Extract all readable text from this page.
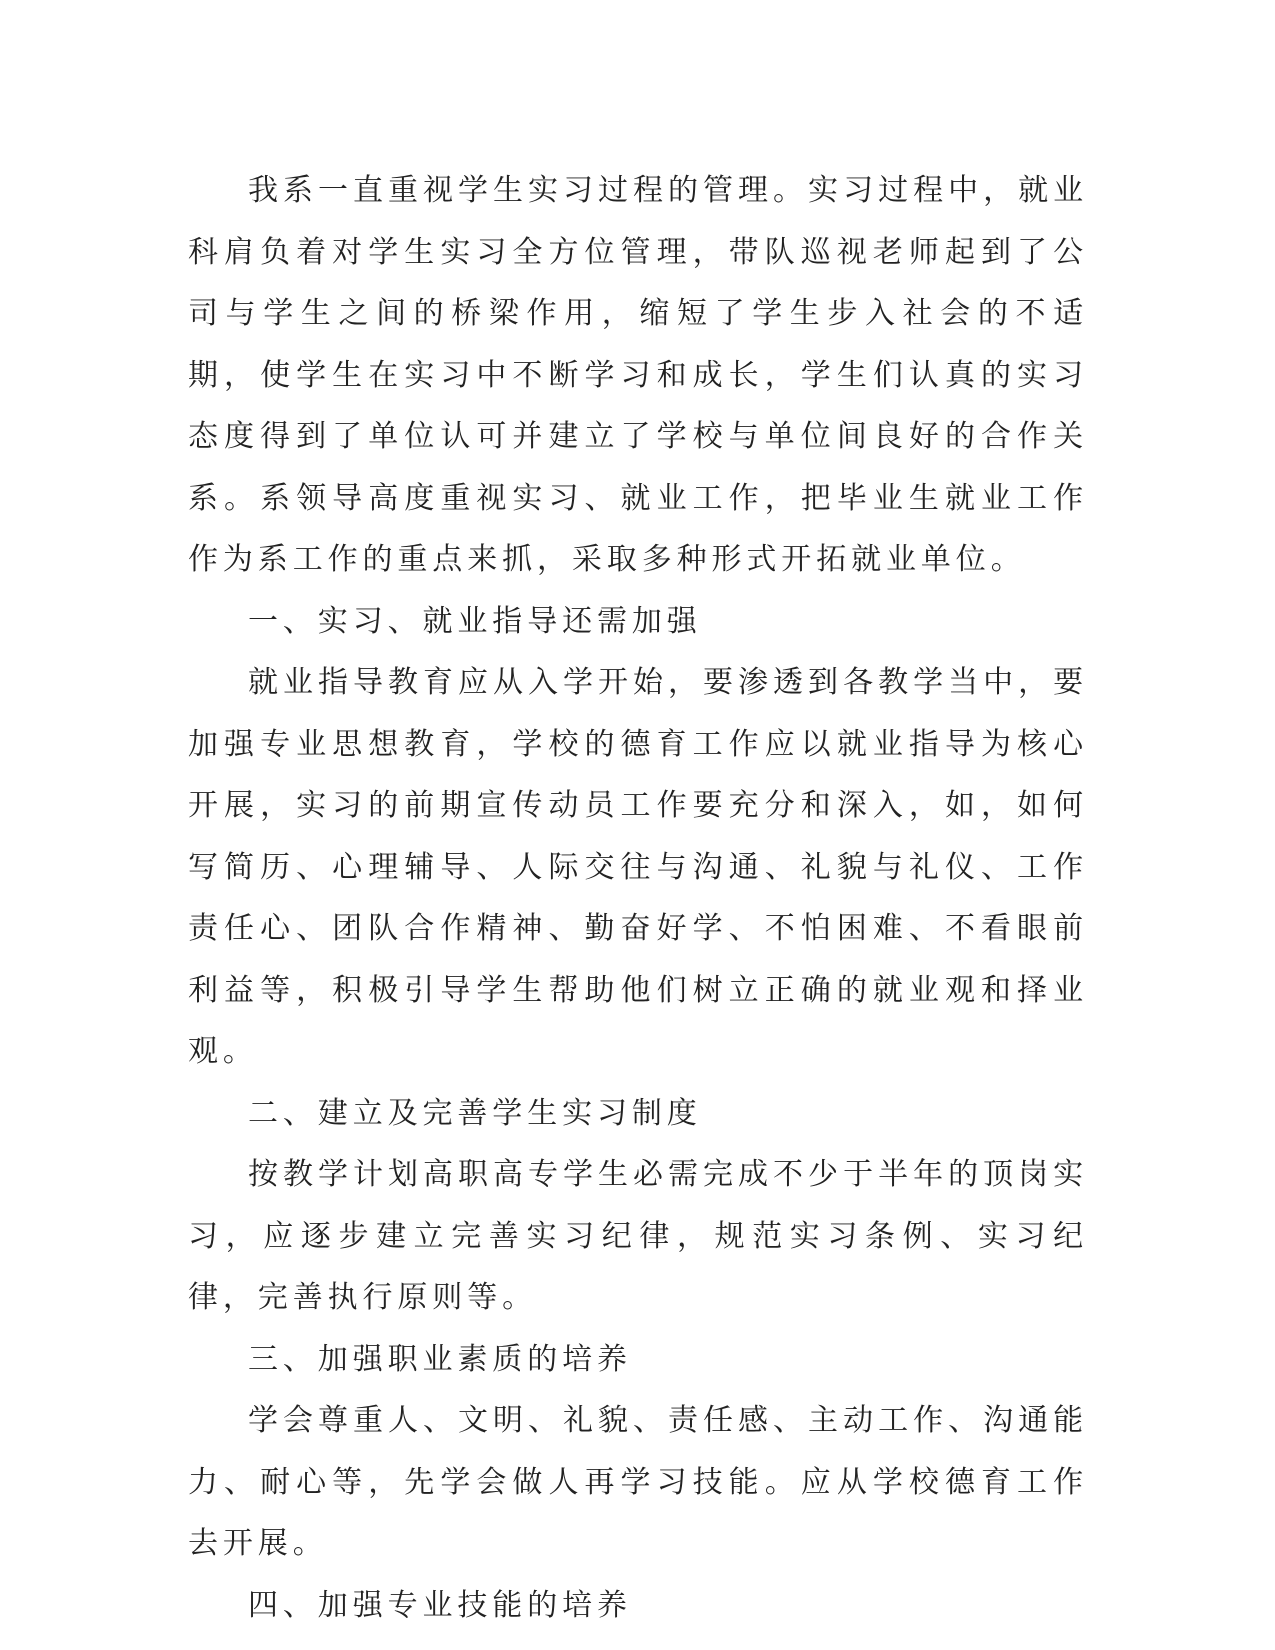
我系一直重视学生实习过程的管理。实习过程中，就业科肩负着对学生实习全方位管理，带队巡视老师起到了公司与学生之间的桥梁作用，缩短了学生步入社会的不适期，使学生在实习中不断学习和成长，学生们认真的实习态度得到了单位认可并建立了学校与单位间良好的合作关系。系领导高度重视实习、就业工作，把毕业生就业工作作为系工作的重点来抓，采取多种形式开拓就业单位。

一、实习、就业指导还需加强

就业指导教育应从入学开始，要渗透到各教学当中，要加强专业思想教育，学校的德育工作应以就业指导为核心开展，实习的前期宣传动员工作要充分和深入，如，如何写简历、心理辅导、人际交往与沟通、礼貌与礼仪、工作责任心、团队合作精神、勤奋好学、不怕困难、不看眼前利益等，积极引导学生帮助他们树立正确的就业观和择业观。

二、建立及完善学生实习制度

按教学计划高职高专学生必需完成不少于半年的顶岗实习，应逐步建立完善实习纪律，规范实习条例、实习纪律，完善执行原则等。

三、加强职业素质的培养

学会尊重人、文明、礼貌、责任感、主动工作、沟通能力、耐心等，先学会做人再学习技能。应从学校德育工作去开展。

四、加强专业技能的培养
